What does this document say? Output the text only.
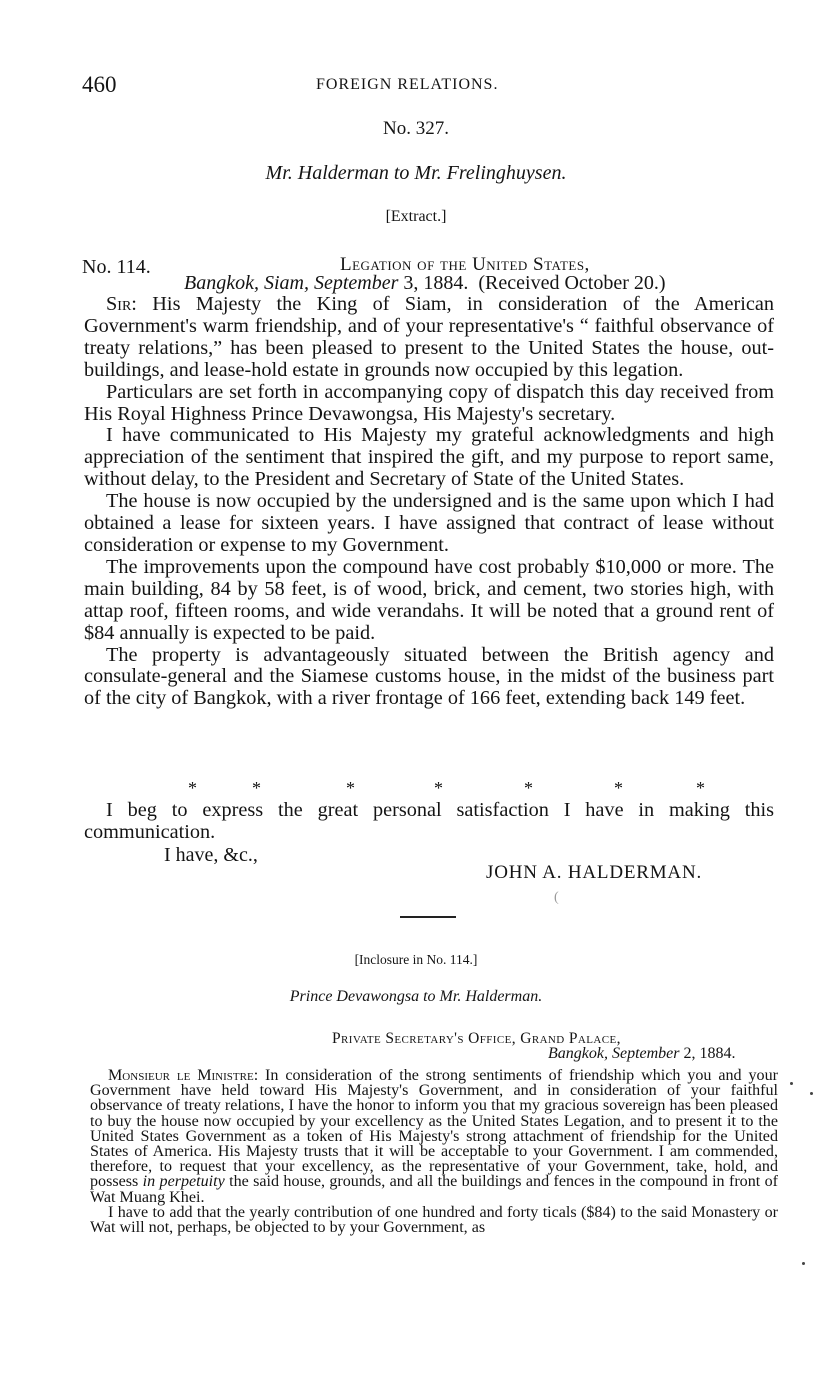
460	FOREIGN RELATIONS.
No. 327.
Mr. Halderman to Mr. Frelinghuysen.
[Extract.]
No. 114.	Legation of the United States,
Bangkok, Siam, September 3, 1884. (Received October 20.)

Sir: His Majesty the King of Siam, in consideration of the American Government's warm friendship, and of your representative's “ faithful observance of treaty relations,” has been pleased to present to the United States the house, out-buildings, and lease-hold estate in grounds now occupied by this legation.

Particulars are set forth in accompanying copy of dispatch this day received from His Royal Highness Prince Devawongsa, His Majesty's secretary.

I have communicated to His Majesty my grateful acknowledgments and high appreciation of the sentiment that inspired the gift, and my purpose to report same, without delay, to the President and Secretary of State of the United States.

The house is now occupied by the undersigned and is the same upon which I had obtained a lease for sixteen years. I have assigned that contract of lease without consideration or expense to my Government.

The improvements upon the compound have cost probably $10,000 or more. The main building, 84 by 58 feet, is of wood, brick, and cement, two stories high, with attap roof, fifteen rooms, and wide verandahs. It will be noted that a ground rent of $84 annually is expected to be paid.

The property is advantageously situated between the British agency and consulate-general and the Siamese customs house, in the midst of the business part of the city of Bangkok, with a river frontage of 166 feet, extending back 149 feet.

*	*	*	*	*	*	*

I beg to express the great personal satisfaction I have in making this communication.

I have, &c.,
JOHN A. HALDERMAN.
(
[Inclosure in No. 114.]
Prince Devawongsa to Mr. Halderman.
Private Secretary's Office, Grand Palace,
Bangkok, September 2, 1884.

Monsieur le Ministre: In consideration of the strong sentiments of friendship which you and your Government have held toward His Majesty's Government, and in consideration of your faithful observance of treaty relations, I have the honor to inform you that my gracious sovereign has been pleased to buy the house now occupied by your excellency as the United States Legation, and to present it to the United States Government as a token of His Majesty's strong attachment of friendship for the United States of America. His Majesty trusts that it will be acceptable to your Government. I am commended, therefore, to request that your excellency, as the representative of your Government, take, hold, and possess in perpetuity the said house, grounds, and all the buildings and fences in the compound in front of Wat Muang Khei.

I have to add that the yearly contribution of one hundred and forty ticals ($84) to the said Monastery or Wat will not, perhaps, be objected to by your Government, as
